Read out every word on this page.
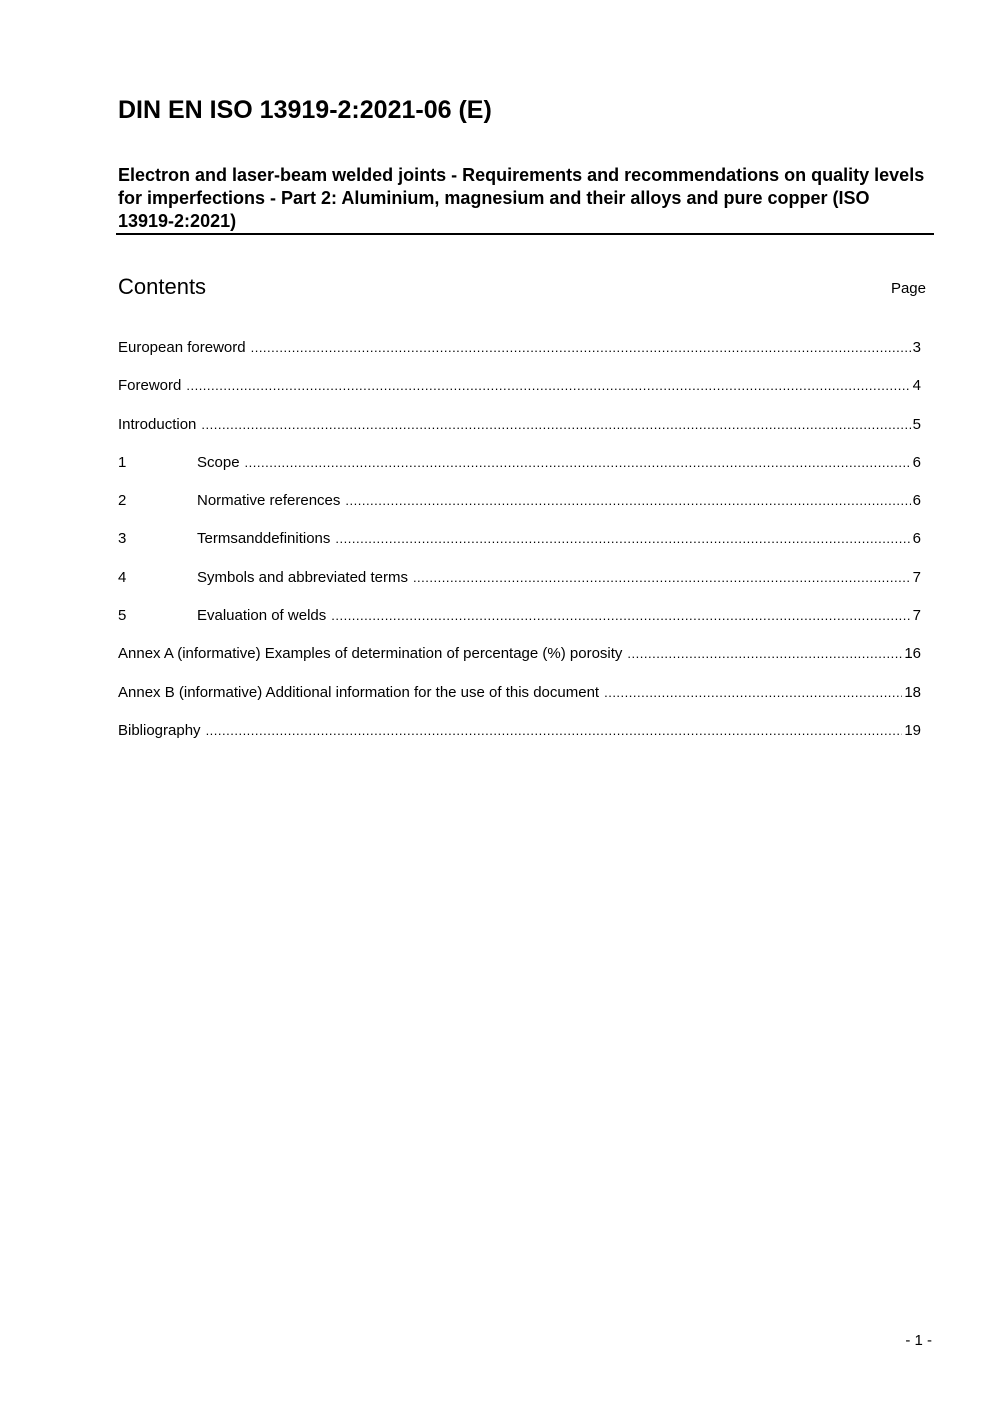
DIN EN ISO 13919-2:2021-06 (E)
Electron and laser-beam welded joints - Requirements and recommendations on quality levels for imperfections - Part 2: Aluminium, magnesium and their alloys and pure copper (ISO 13919-2:2021)
Contents	Page
European foreword .....	3
Foreword .....	4
Introduction .....	5
1	Scope .....	6
2	Normative references .....	6
3	Termsanddefinitions .....	6
4	Symbols and abbreviated terms .....	7
5	Evaluation of welds .....	7
Annex A (informative) Examples of determination of percentage (%) porosity .....	16
Annex B (informative) Additional information for the use of this document .....	18
Bibliography .....	19
- 1 -
